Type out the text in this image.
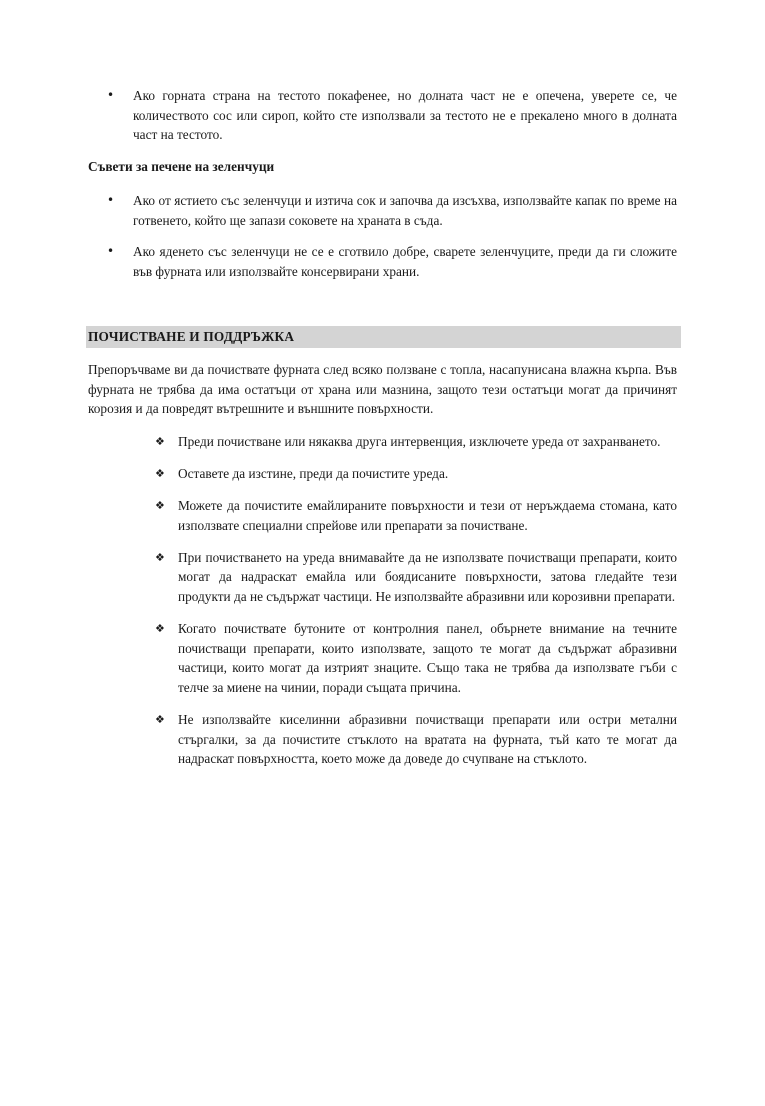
•	Ако горната страна на тестото покафенее, но долната част не е опечена, уверете се, че количеството сос или сироп, който сте използвали за тестото не е прекалено много в долната част на тестото.
Съвети за печене на зеленчуци
•	Ако от ястието със зеленчуци и изтича сок и започва да изсъхва, използвайте капак по време на готвенето, който ще запази соковете на храната в съда.
•	Ако яденето със зеленчуци не се е сготвило добре, сварете зеленчуците, преди да ги сложите във фурната или използвайте консервирани храни.
ПОЧИСТВАНЕ И ПОДДРЪЖКА
Препоръчваме ви да почиствате фурната след всяко ползване с топла, насапунисана влажна кърпа. Във фурната не трябва да има остатъци от храна или мазнина, защото тези остатъци могат да причинят корозия и да повредят вътрешните и външните повърхности.
❖ Преди почистване или някаква друга интервенция, изключете уреда от захранването.
❖ Оставете да изстине, преди да почистите уреда.
❖ Можете да почистите емайлираните повърхности и тези от неръждаема стомана, като използвате специални спрейове или препарати за почистване.
❖ При почистването на уреда внимавайте да не използвате почистващи препарати, които могат да надраскат емайла или боядисаните повърхности, затова гледайте тези продукти да не съдържат частици. Не използвайте абразивни или корозивни препарати.
❖ Когато почиствате бутоните от контролния панел, обърнете внимание на течните почистващи препарати, които използвате, защото те могат да съдържат абразивни частици, които могат да изтрият знаците. Също така не трябва да използвате гъби с телче за миене на чинии, поради същата причина.
❖ Не използвайте киселинни абразивни почистващи препарати или остри метални стъргалки, за да почистите стъклото на вратата на фурната, тъй като те могат да надраскат повърхността, което може да доведе до счупване на стъклото.
